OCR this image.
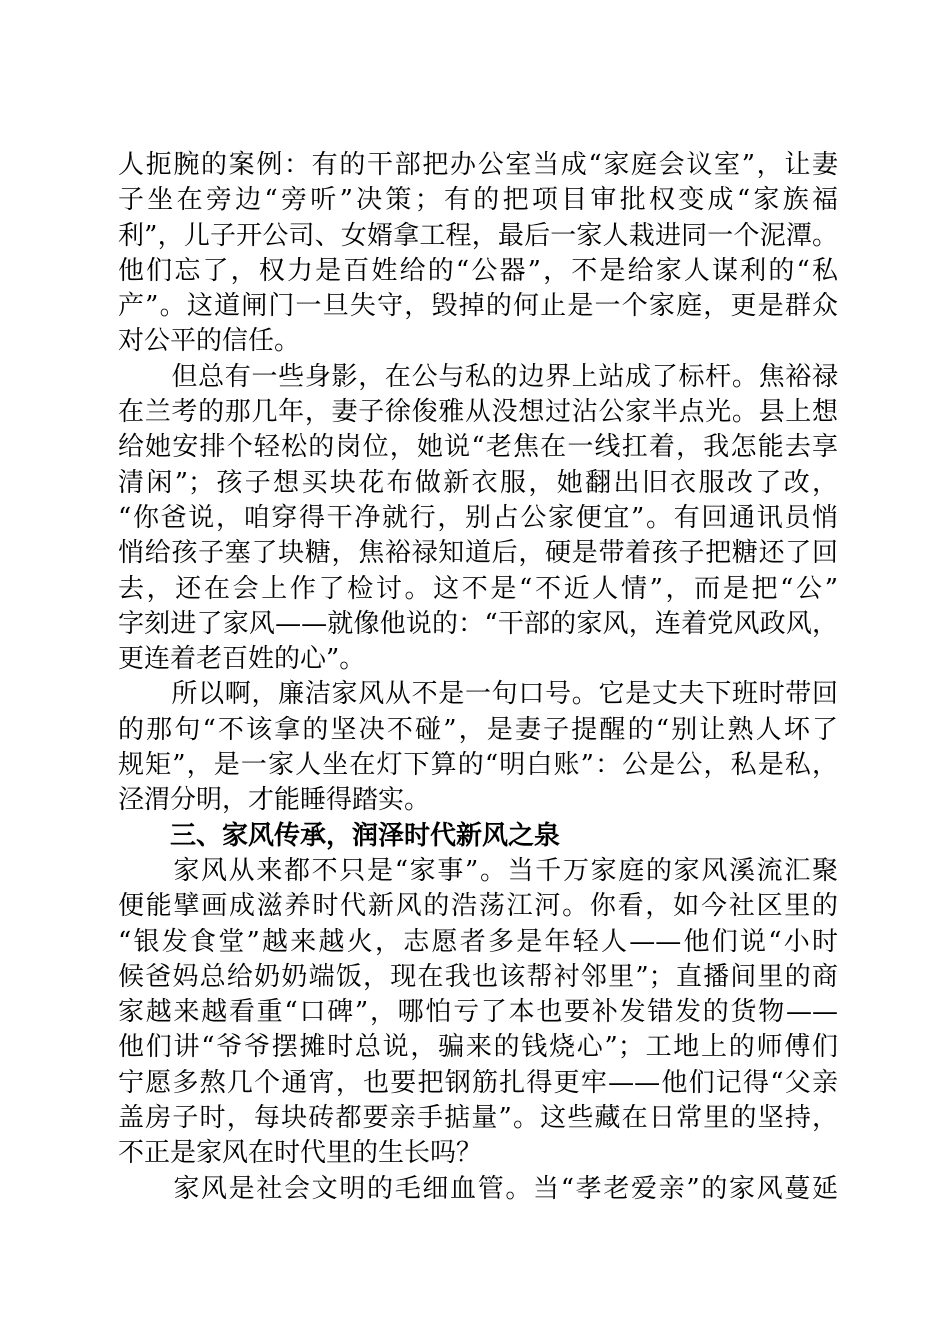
人扼腕的案例：有的干部把办公室当成“家庭会议室”，让妻
子坐在旁边“旁听”决策；有的把项目审批权变成“家族福
利”，儿子开公司、女婿拿工程，最后一家人栽进同一个泥潭。
他们忘了，权力是百姓给的“公器”，不是给家人谋利的“私
产”。这道闸门一旦失守，毁掉的何止是一个家庭，更是群众
对公平的信任。
　　但总有一些身影，在公与私的边界上站成了标杆。焦裕禄
在兰考的那几年，妻子徐俊雅从没想过沾公家半点光。县上想
给她安排个轻松的岗位，她说“老焦在一线扛着，我怎能去享
清闲”；孩子想买块花布做新衣服，她翻出旧衣服改了改，
“你爸说，咱穿得干净就行，别占公家便宜”。有回通讯员悄
悄给孩子塞了块糖，焦裕禄知道后，硬是带着孩子把糖还了回
去，还在会上作了检讨。这不是“不近人情”，而是把“公”
字刻进了家风——就像他说的：“干部的家风，连着党风政风，
更连着老百姓的心”。
　　所以啊，廉洁家风从不是一句口号。它是丈夫下班时带回
的那句“不该拿的坚决不碰”，是妻子提醒的“别让熟人坏了
规矩”，是一家人坐在灯下算的“明白账”：公是公，私是私，
泾渭分明，才能睡得踏实。
三、家风传承，润泽时代新风之泉
　　家风从来都不只是“家事”。当千万家庭的家风溪流汇聚
便能擘画成滋养时代新风的浩荡江河。你看，如今社区里的
“银发食堂”越来越火，志愿者多是年轻人——他们说“小时
候爸妈总给奶奶端饭，现在我也该帮衬邻里”；直播间里的商
家越来越看重“口碑”，哪怕亏了本也要补发错发的货物——
他们讲“爷爷摆摊时总说，骗来的钱烧心”；工地上的师傅们
宁愿多熬几个通宵，也要把钢筋扎得更牢——他们记得“父亲
盖房子时，每块砖都要亲手掂量”。这些藏在日常里的坚持，
不正是家风在时代里的生长吗？
　　家风是社会文明的毛细血管。当“孝老爱亲”的家风蔓延
